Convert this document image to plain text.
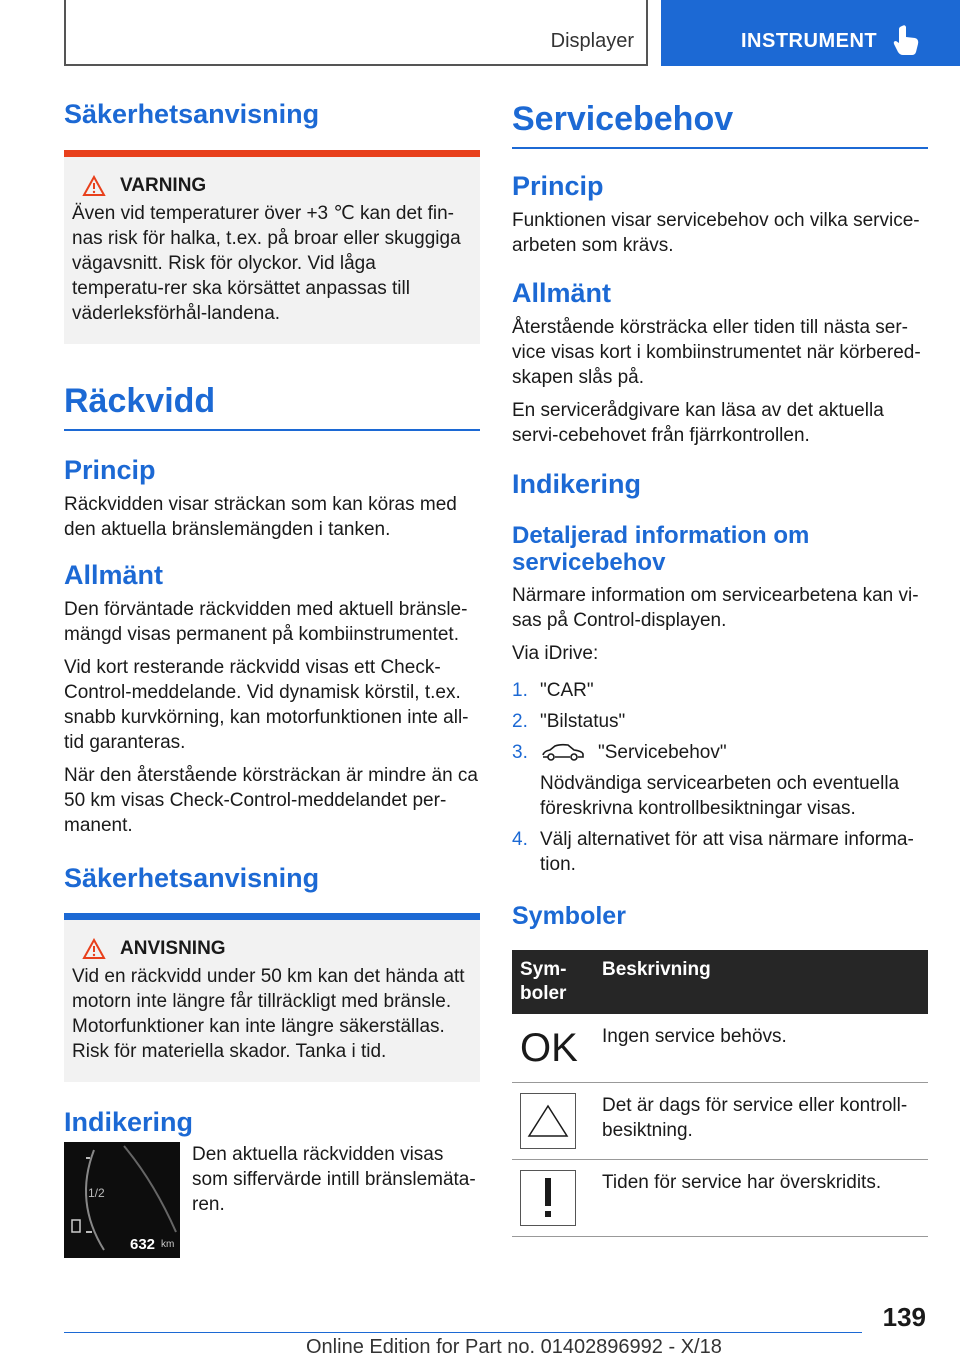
Displayer	INSTRUMENT
Säkerhetsanvisning
VARNING

Även vid temperaturer över +3 ℃ kan det fin-nas risk för halka, t.ex. på broar eller skuggiga vägavsnitt. Risk för olyckor. Vid låga temperatu-rer ska körsättet anpassas till väderleksförhål-landena.

Räckvidd
Princip

Räckvidden visar sträckan som kan köras med den aktuella bränslemängden i tanken.

Allmänt

Den förväntade räckvidden med aktuell bränsle-mängd visas permanent på kombiinstrumentet.

Vid kort resterande räckvidd visas ett Check-Control-meddelande. Vid dynamisk körstil, t.ex. snabb kurvkörning, kan motorfunktionen inte all-tid garanteras.

När den återstående körsträckan är mindre än ca 50 km visas Check-Control-meddelandet per-manent.

Säkerhetsanvisning
ANVISNING

Vid en räckvidd under 50 km kan det hända att motorn inte längre får tillräckligt med bränsle. Motorfunktioner kan inte längre säkerställas. Risk för materiella skador. Tanka i tid.

Indikering
1/2
632 km

Den aktuella räckvidden visas som siffervärde intill bränslemäta-ren.

Servicebehov
Princip

Funktionen visar servicebehov och vilka service-arbeten som krävs.

Allmänt

Återstående körsträcka eller tiden till nästa ser-vice visas kort i kombiinstrumentet när körbered-skapen slås på.

En servicerådgivare kan läsa av det aktuella servi-cebehovet från fjärrkontrollen.

Indikering
Detaljerad information om servicebehov

Närmare information om servicearbetena kan vi-sas på Control-displayen.

Via iDrive:

1. "CAR"
2. "Bilstatus"
3.	"Servicebehov"

Nödvändiga servicearbeten och eventuella föreskrivna kontrollbesiktningar visas.

4. Välj alternativet för att visa närmare informa-tion.
Symboler
Sym-boler	Beskrivning

OK	Ingen service behövs.

	Det är dags för service eller kontroll-besiktning.

	Tiden för service har överskridits.
139
Online Edition for Part no. 01402896992 - X/18
